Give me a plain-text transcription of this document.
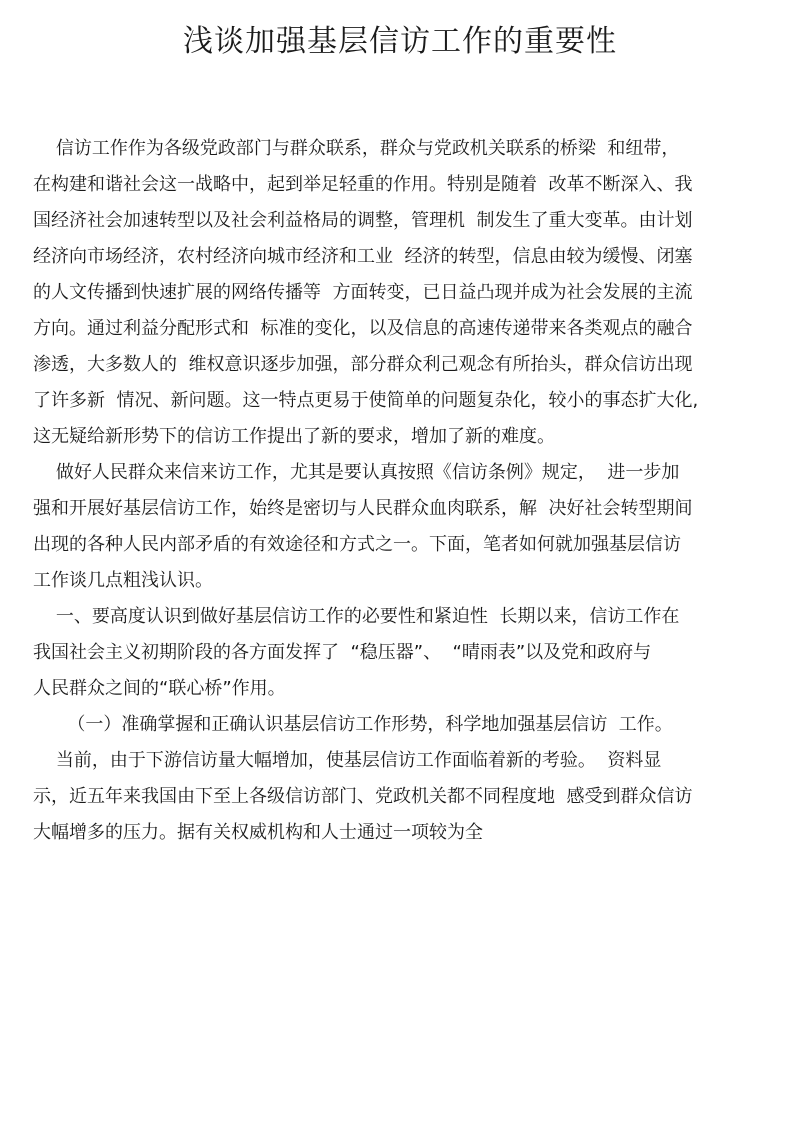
浅谈加强基层信访工作的重要性
信访工作作为各级党政部门与群众联系，群众与党政机关联系的桥梁  和纽带，
在构建和谐社会这一战略中，起到举足轻重的作用。特别是随着  改革不断深入、我
国经济社会加速转型以及社会利益格局的调整，管理机  制发生了重大变革。由计划
经济向市场经济，农村经济向城市经济和工业  经济的转型，信息由较为缓慢、闭塞
的人文传播到快速扩展的网络传播等  方面转变，已日益凸现并成为社会发展的主流
方向。通过利益分配形式和  标准的变化，以及信息的高速传递带来各类观点的融合
渗透，大多数人的  维权意识逐步加强，部分群众利己观念有所抬头，群众信访出现
了许多新  情况、新问题。这一特点更易于使简单的问题复杂化，较小的事态扩大化,
这无疑给新形势下的信访工作提出了新的要求，增加了新的难度。
做好人民群众来信来访工作，尤其是要认真按照《信访条例》规定，  进一步加
强和开展好基层信访工作，始终是密切与人民群众血肉联系，解  决好社会转型期间
出现的各种人民内部矛盾的有效途径和方式之一。下面，笔者如何就加强基层信访
工作谈几点粗浅认识。
一、要高度认识到做好基层信访工作的必要性和紧迫性  长期以来，信访工作在
我国社会主义初期阶段的各方面发挥了  “稳压器”、  “晴雨表”以及党和政府与
人民群众之间的“联心桥”作用。
（一）准确掌握和正确认识基层信访工作形势，科学地加强基层信访  工作。
当前，由于下游信访量大幅增加，使基层信访工作面临着新的考验。  资料显
示，近五年来我国由下至上各级信访部门、党政机关都不同程度地  感受到群众信访
大幅增多的压力。据有关权威机构和人士通过一项较为全
